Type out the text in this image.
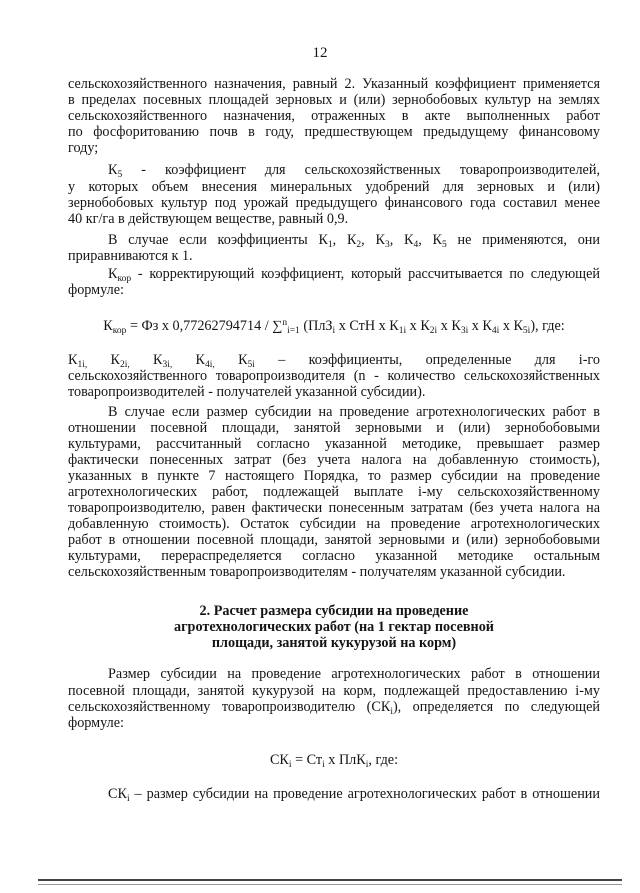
12
сельскохозяйственного назначения, равный 2. Указанный коэффициент применяется
в пределах посевных площадей зерновых и (или) зернобобовых культур на землях
сельскохозяйственного назначения, отраженных в акте выполненных работ
по фосфоритованию почв в году, предшествующем предыдущему финансовому
году;
$К_5$ - коэффициент для сельскохозяйственных товаропроизводителей,
у которых объем внесения минеральных удобрений для зерновых и (или)
зернобобовых культур под урожай предыдущего финансового года составил менее
40 кг/га в действующем веществе, равный 0,9.
В случае если коэффициенты $К_1$, $К_2$, $К_3$, $К_4$, $К_5$ не применяются, они
приравниваются к 1.
$К_{кор}$ - корректирующий коэффициент, который рассчитывается по следующей
формуле:
$К_{кор}$ = Фз х 0,77262794714 / ∑$^n_{i=1}$ (ПлЗ$_i$ х СтН х $К_{1i}$ х $К_{2i}$ х $К_{3i}$ х $К_{4i}$ х $К_{5i}$), где:
$К_{1i,}$ $К_{2i,}$ $К_{3i,}$ $К_{4i,}$ $К_{5i}$ – коэффициенты, определенные для i-го
сельскохозяйственного товаропроизводителя (n - количество сельскохозяйственных
товаропроизводителей - получателей указанной субсидии).
В случае если размер субсидии на проведение агротехнологических работ в
отношении посевной площади, занятой зерновыми и (или) зернобобовыми
культурами, рассчитанный согласно указанной методике, превышает размер
фактически понесенных затрат (без учета налога на добавленную стоимость),
указанных в пункте 7 настоящего Порядка, то размер субсидии на проведение
агротехнологических работ, подлежащей выплате i-му сельскохозяйственному
товаропроизводителю, равен фактически понесенным затратам (без учета налога на
добавленную стоимость). Остаток субсидии на проведение агротехнологических
работ в отношении посевной площади, занятой зерновыми и (или) зернобобовыми
культурами, перераспределяется согласно указанной методике остальным
сельскохозяйственным товаропроизводителям - получателям указанной субсидии.
2. Расчет размера субсидии на проведение
агротехнологических работ (на 1 гектар посевной
площади, занятой кукурузой на корм)
Размер субсидии на проведение агротехнологических работ в отношении
посевной площади, занятой кукурузой на корм, подлежащей предоставлению i-му
сельскохозяйственному товаропроизводителю $(СК_i)$, определяется по следующей
формуле:
$СК_i = Ст_i$ х ПлК$_i$, где:
$СК_i$ – размер субсидии на проведение агротехнологических работ в отношении
